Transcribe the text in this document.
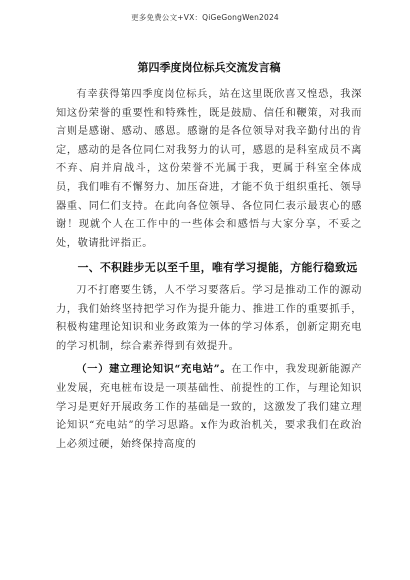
更多免费公文+VX：QiGeGongWen2024
第四季度岗位标兵交流发言稿

有幸获得第四季度岗位标兵，站在这里既欣喜又惶恐，我深知这份荣誉的重要性和特殊性，既是鼓励、信任和鞭策，对我而言则是感谢、感动、感恩。感谢的是各位领导对我辛勤付出的肯定，感动的是各位同仁对我努力的认可，感恩的是科室成员不离不弃、肩并肩战斗，这份荣誉不光属于我，更属于科室全体成员，我们唯有不懈努力、加压奋进，才能不负于组织重托、领导器重、同仁们支持。在此向各位领导、各位同仁表示最衷心的感谢！现就个人在工作中的一些体会和感悟与大家分享，不妥之处，敬请批评指正。

一、不积跬步无以至千里，唯有学习提能，方能行稳致远

刀不打磨要生锈，人不学习要落后。学习是推动工作的源动力，我们始终坚持把学习作为提升能力、推进工作的重要抓手，积极构建理论知识和业务政策为一体的学习体系，创新定期充电的学习机制，综合素养得到有效提升。

（一）建立理论知识“充电站”。在工作中，我发现新能源产业发展，充电桩布设是一项基础性、前提性的工作，与理论知识学习是更好开展政务工作的基础是一致的，这激发了我们建立理论知识“充电站”的学习思路。x作为政治机关，要求我们在政治上必须过硬，始终保持高度的
